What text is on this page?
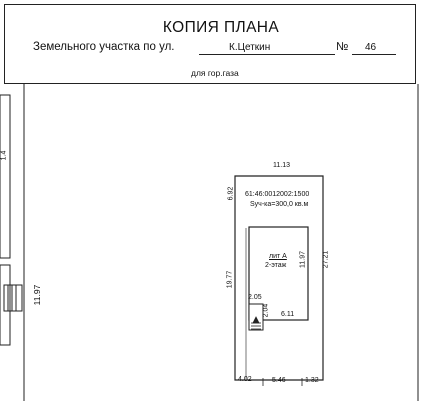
КОПИЯ ПЛАНА
Земельного участка по ул.	К.Цеткин	№ 46
для гор.газа
11.97
1.4
11.13
6.92 61:46:0012002:1500
Sуч-ка=300,0 кв.м
19.77
27.21
4.02	5.46	1.32
лит А
2-этаж 11.97
6.11
2.05
2.04
